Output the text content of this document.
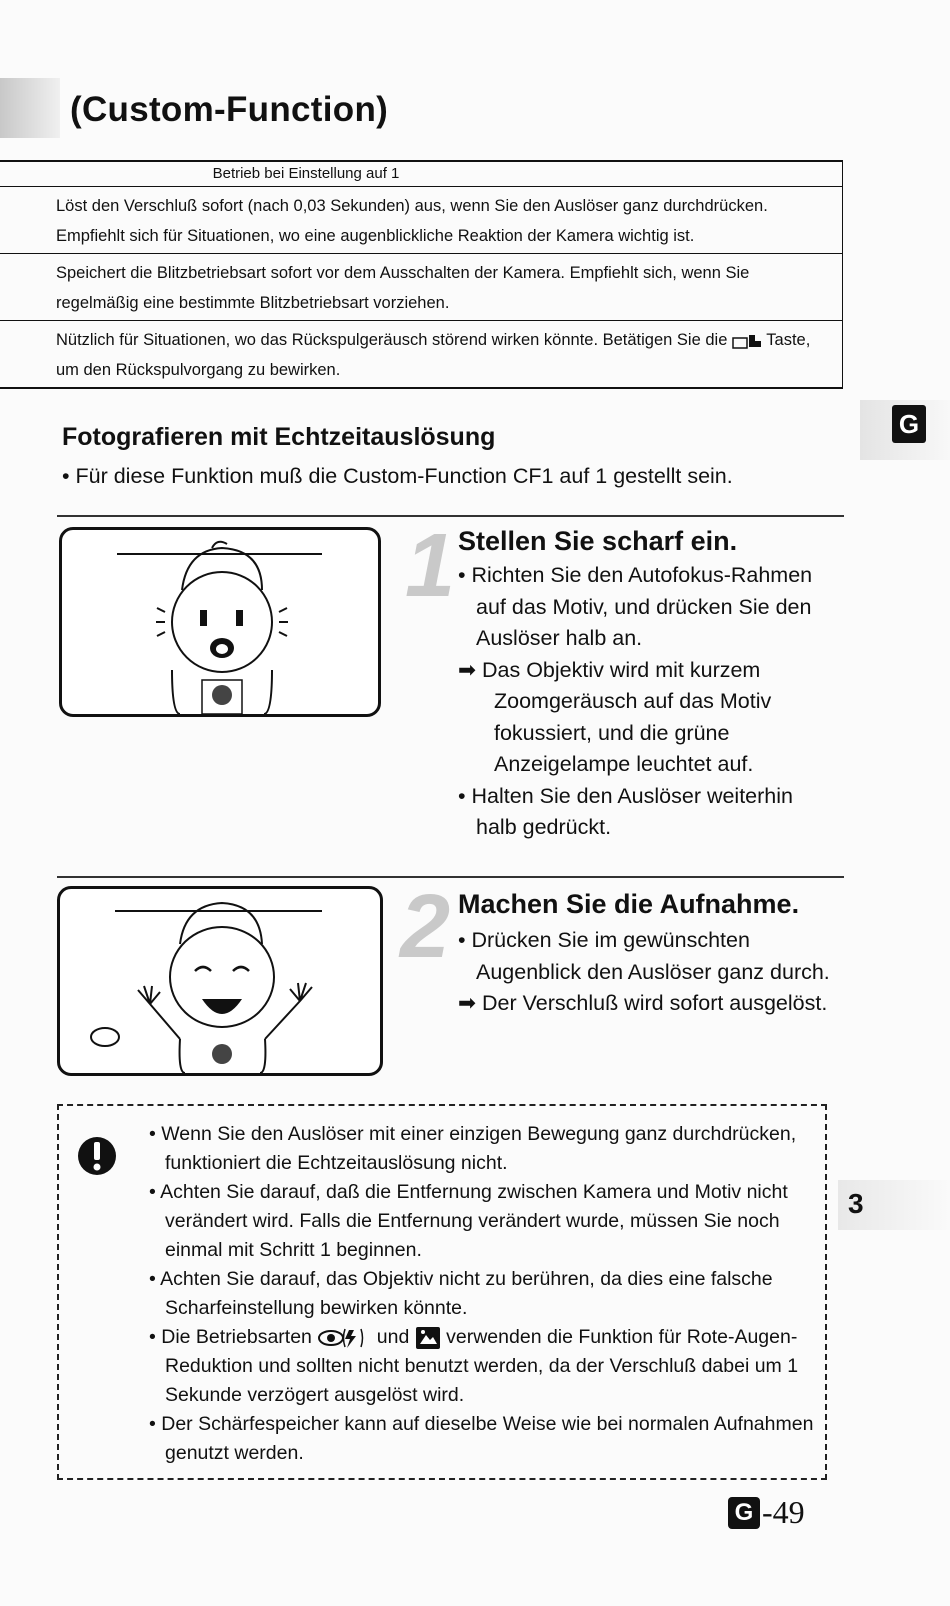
(Custom-Function)
Betrieb bei Einstellung auf 1
Löst den Verschluß sofort (nach 0,03 Sekunden) aus, wenn Sie den Auslöser ganz durchdrücken. Empfiehlt sich für Situationen, wo eine augenblickliche Reaktion der Kamera wichtig ist.
Speichert die Blitzbetriebsart sofort vor dem Ausschalten der Kamera. Empfiehlt sich, wenn Sie regelmäßig eine bestimmte Blitzbetriebsart vorziehen.
Nützlich für Situationen, wo das Rückspulgeräusch störend wirken könnte. Betätigen Sie die Taste, um den Rückspulvorgang zu bewirken.
G
Fotografieren mit Echtzeitauslösung
• Für diese Funktion muß die Custom-Function CF1 auf 1 gestellt sein.
1 Stellen Sie scharf ein.

• Richten Sie den Autofokus-Rahmen auf das Motiv, und drücken Sie den Auslöser halb an.

➡ Das Objektiv wird mit kurzem Zoomgeräusch auf das Motiv fokussiert, und die grüne Anzeigelampe leuchtet auf.

• Halten Sie den Auslöser weiterhin halb gedrückt.

2 Machen Sie die Aufnahme.

• Drücken Sie im gewünschten Augenblick den Auslöser ganz durch.

➡ Der Verschluß wird sofort ausgelöst.

• Wenn Sie den Auslöser mit einer einzigen Bewegung ganz durchdrücken, funktioniert die Echtzeitauslösung nicht.

• Achten Sie darauf, daß die Entfernung zwischen Kamera und Motiv nicht verändert wird. Falls die Entfernung verändert wurde, müssen Sie noch einmal mit Schritt 1 beginnen.

• Achten Sie darauf, das Objektiv nicht zu berühren, da dies eine falsche Scharfeinstellung bewirken könnte.

• Die Betriebsarten	und verwenden die Funktion für Rote-Augen-Reduktion und sollten nicht benutzt werden, da der Verschluß dabei um 1 Sekunde verzögert ausgelöst wird.

• Der Schärfespeicher kann auf dieselbe Weise wie bei normalen Aufnahmen genutzt werden.

3
G -49
